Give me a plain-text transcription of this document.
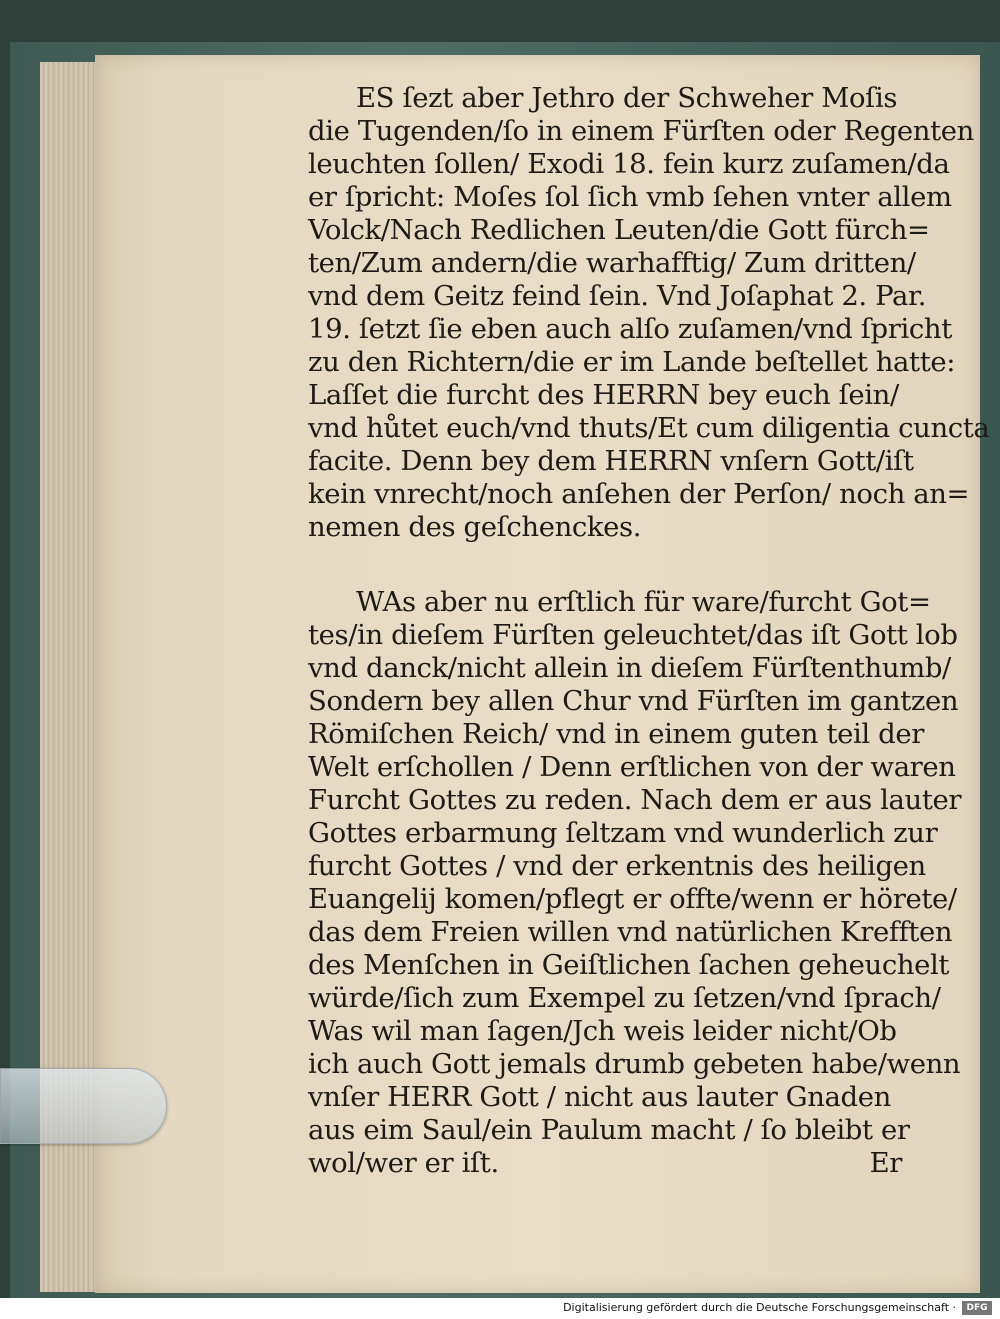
ES ſezt aber Jethro der Schweher Moſis
die Tugenden/ſo in einem Fürſten oder Regenten
leuchten ſollen/ Exodi 18. fein kurz zuſamen/da
er ſpricht: Moſes ſol ſich vmb ſehen vnter allem
Volck/Nach Redlichen Leuten/die Gott fürch=
ten/Zum andern/die warhafftig/ Zum dritten/
vnd dem Geitz feind ſein. Vnd Joſaphat 2. Par.
19. ſetzt ſie eben auch alſo zuſamen/vnd ſpricht
zu den Richtern/die er im Lande beſtellet hatte:
Laſſet die furcht des HERRN bey euch ſein/
vnd hůtet euch/vnd thuts/Et cum diligentia cuncta
facite. Denn bey dem HERRN vnſern Gott/iſt
kein vnrecht/noch anſehen der Perſon/ noch an=
nemen des geſchenckes.
WAs aber nu erſtlich für ware/furcht Got=
tes/in dieſem Fürſten geleuchtet/das iſt Gott lob
vnd danck/nicht allein in dieſem Fürſtenthumb/
Sondern bey allen Chur vnd Fürſten im gantzen
Römiſchen Reich/ vnd in einem guten teil der
Welt erſchollen / Denn erſtlichen von der waren
Furcht Gottes zu reden. Nach dem er aus lauter
Gottes erbarmung ſeltzam vnd wunderlich zur
furcht Gottes / vnd der erkentnis des heiligen
Euangelij komen/pflegt er offte/wenn er hörete/
das dem Freien willen vnd natürlichen Krefften
des Menſchen in Geiſtlichen ſachen geheuchelt
würde/ſich zum Exempel zu ſetzen/vnd ſprach/
Was wil man ſagen/Jch weis leider nicht/Ob
ich auch Gott jemals drumb gebeten habe/wenn
vnſer HERR Gott / nicht aus lauter Gnaden
aus eim Saul/ein Paulum macht / ſo bleibt er
wol/wer er iſt.	Er
Digitalisierung gefördert durch die Deutsche Forschungsgemeinschaft ·	DFG
